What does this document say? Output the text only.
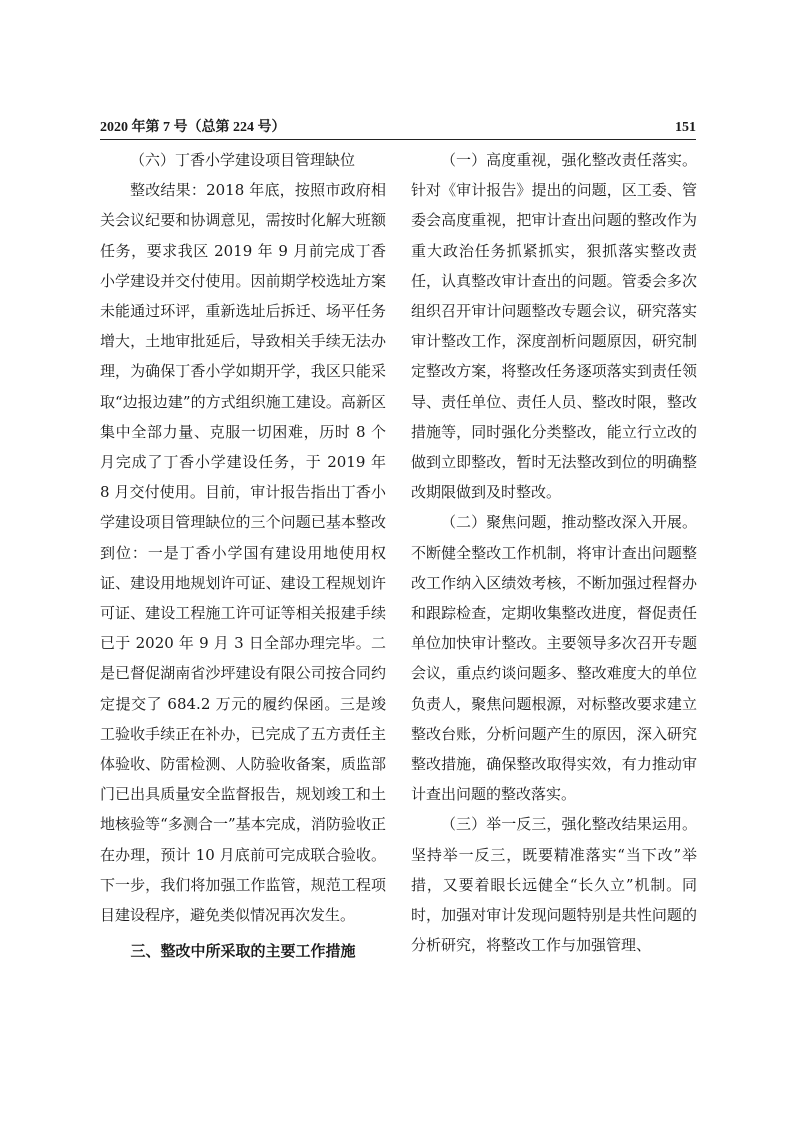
2020 年第 7 号（总第 224 号）	151

（六）丁香小学建设项目管理缺位

整改结果：2018 年底，按照市政府相关会议纪要和协调意见，需按时化解大班额任务，要求我区 2019 年 9 月前完成丁香小学建设并交付使用。因前期学校选址方案未能通过环评，重新选址后拆迁、场平任务增大，土地审批延后，导致相关手续无法办理，为确保丁香小学如期开学，我区只能采取“边报边建”的方式组织施工建设。高新区集中全部力量、克服一切困难，历时 8 个月完成了丁香小学建设任务，于 2019 年 8 月交付使用。目前，审计报告指出丁香小学建设项目管理缺位的三个问题已基本整改到位：一是丁香小学国有建设用地使用权证、建设用地规划许可证、建设工程规划许可证、建设工程施工许可证等相关报建手续已于 2020 年 9 月 3 日全部办理完毕。二是已督促湖南省沙坪建设有限公司按合同约定提交了 684.2 万元的履约保函。三是竣工验收手续正在补办，已完成了五方责任主体验收、防雷检测、人防验收备案，质监部门已出具质量安全监督报告，规划竣工和土地核验等“多测合一”基本完成，消防验收正在办理，预计 10 月底前可完成联合验收。下一步，我们将加强工作监管，规范工程项目建设程序，避免类似情况再次发生。

三、整改中所采取的主要工作措施

（一）高度重视，强化整改责任落实。针对《审计报告》提出的问题，区工委、管委会高度重视，把审计查出问题的整改作为重大政治任务抓紧抓实，狠抓落实整改责任，认真整改审计查出的问题。管委会多次组织召开审计问题整改专题会议，研究落实审计整改工作，深度剖析问题原因，研究制定整改方案，将整改任务逐项落实到责任领导、责任单位、责任人员、整改时限，整改措施等，同时强化分类整改，能立行立改的做到立即整改，暂时无法整改到位的明确整改期限做到及时整改。

（二）聚焦问题，推动整改深入开展。不断健全整改工作机制，将审计查出问题整改工作纳入区绩效考核，不断加强过程督办和跟踪检查，定期收集整改进度，督促责任单位加快审计整改。主要领导多次召开专题会议，重点约谈问题多、整改难度大的单位负责人，聚焦问题根源，对标整改要求建立整改台账，分析问题产生的原因，深入研究整改措施，确保整改取得实效，有力推动审计查出问题的整改落实。

（三）举一反三，强化整改结果运用。坚持举一反三，既要精准落实“当下改”举措，又要着眼长远健全“长久立”机制。同时，加强对审计发现问题特别是共性问题的分析研究，将整改工作与加强管理、
